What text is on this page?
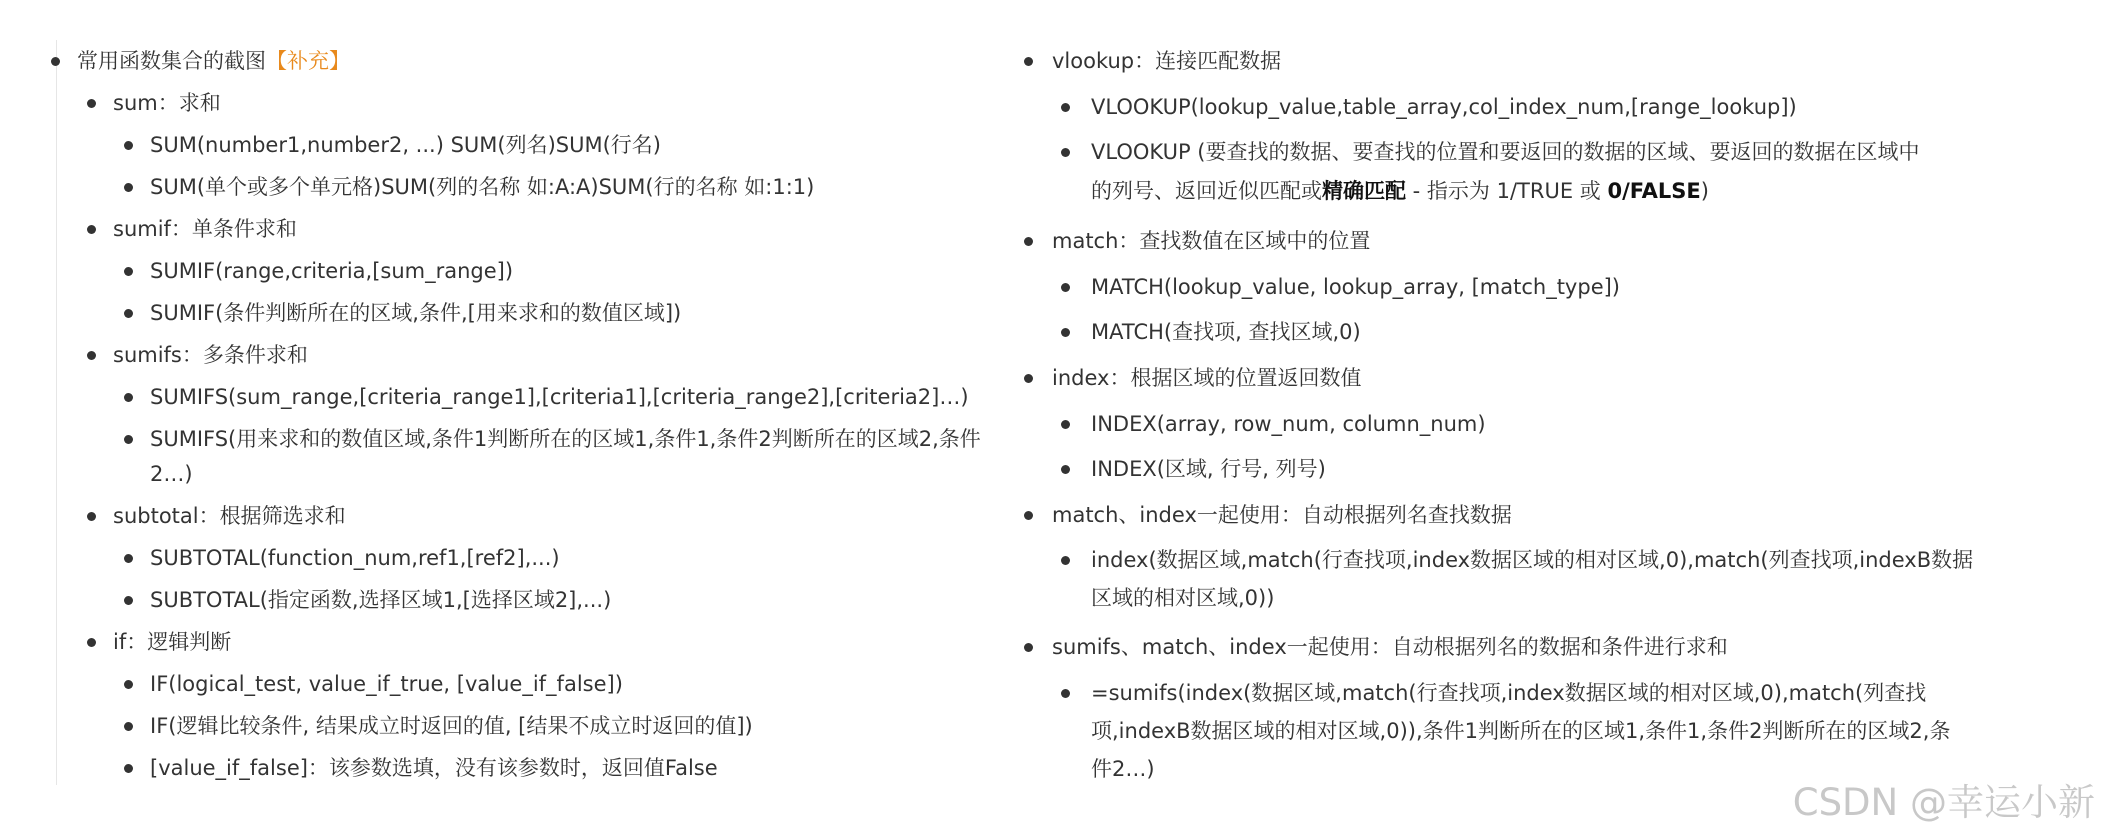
常用函数集合的截图【补充】
sum：求和
SUM(number1,number2, ...) SUM(列名)SUM(行名)
SUM(单个或多个单元格)SUM(列的名称 如:A:A)SUM(行的名称 如:1:1)
sumif：单条件求和
SUMIF(range,criteria,[sum_range])
SUMIF(条件判断所在的区域,条件,[用来求和的数值区域])
sumifs：多条件求和
SUMIFS(sum_range,[criteria_range1],[criteria1],[criteria_range2],[criteria2]…)
SUMIFS(用来求和的数值区域,条件1判断所在的区域1,条件1,条件2判断所在的区域2,条件
2…)
subtotal：根据筛选求和
SUBTOTAL(function_num,ref1,[ref2],...)
SUBTOTAL(指定函数,选择区域1,[选择区域2],...)
if：逻辑判断
IF(logical_test, value_if_true, [value_if_false])
IF(逻辑比较条件, 结果成立时返回的值, [结果不成立时返回的值])
[value_if_false]：该参数选填，没有该参数时，返回值False
vlookup：连接匹配数据
VLOOKUP(lookup_value,table_array,col_index_num,[range_lookup])
VLOOKUP (要查找的数据、要查找的位置和要返回的数据的区域、要返回的数据在区域中
的列号、返回近似匹配或精确匹配 - 指示为 1/TRUE 或 0/FALSE)
match：查找数值在区域中的位置
MATCH(lookup_value, lookup_array, [match_type])
MATCH(查找项, 查找区域,0)
index：根据区域的位置返回数值
INDEX(array, row_num, column_num)
INDEX(区域, 行号, 列号)
match、index一起使用：自动根据列名查找数据
index(数据区域,match(行查找项,index数据区域的相对区域,0),match(列查找项,indexB数据
区域的相对区域,0))
sumifs、match、index一起使用：自动根据列名的数据和条件进行求和
=sumifs(index(数据区域,match(行查找项,index数据区域的相对区域,0),match(列查找
项,indexB数据区域的相对区域,0)),条件1判断所在的区域1,条件1,条件2判断所在的区域2,条
件2…)
CSDN @幸运小新
